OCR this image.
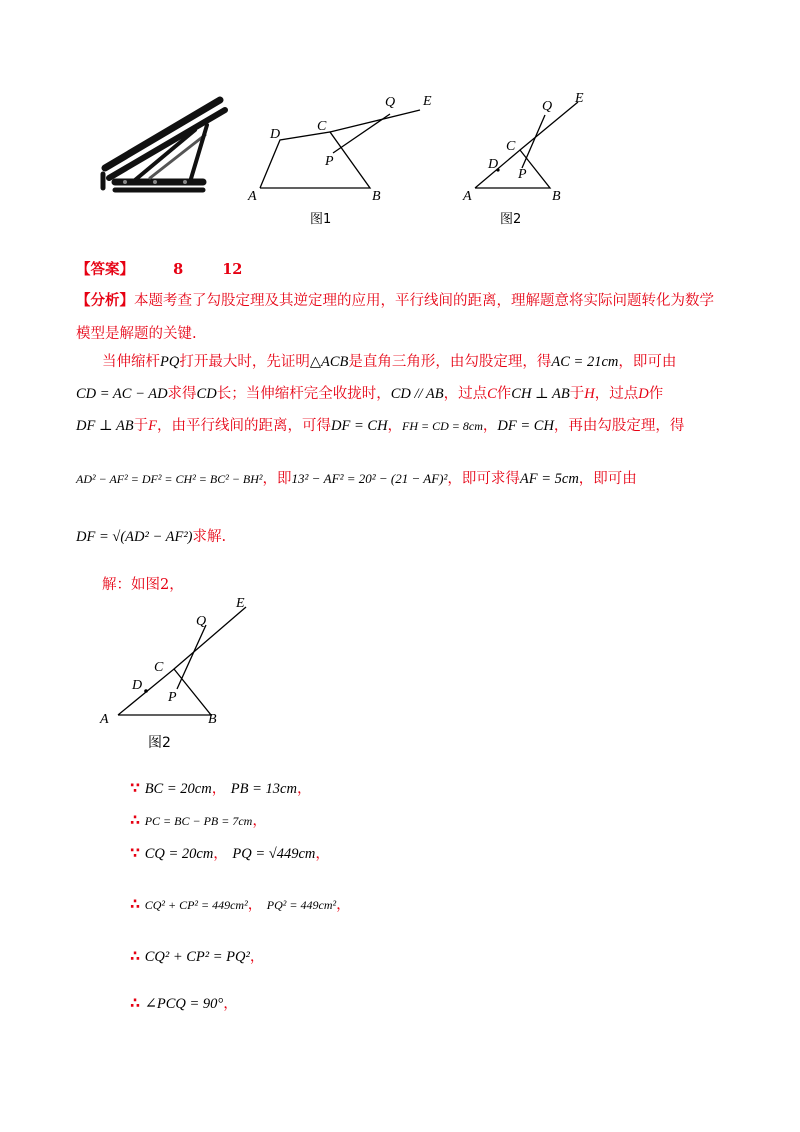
D
C
Q E
P
A	B
图1
D
C
Q
E
P
A	B
图2
【答案】	8	12
【分析】本题考查了勾股定理及其逆定理的应用，平行线间的距离，理解题意将实际问题转化为数学
模型是解题的关键.
当伸缩杆PQ打开最大时，先证明△ACB是直角三角形，由勾股定理，得AC = 21cm，即可由
CD = AC − AD求得CD长；当伸缩杆完全收拢时，CD // AB，过点C作CH ⊥ AB于H，过点D作
DF ⊥ AB于F，由平行线间的距离，可得DF = CH，FH = CD = 8cm，DF = CH，再由勾股定理，得
AD² − AF² = DF² = CH² = BC² − BH²，即13² − AF² = 20² − (21 − AF)²，即可求得AF = 5cm，即可由
DF = √(AD² − AF²)求解.
解：如图2，
Q
E
C
D
P
A	B
图2
∵ BC = 20cm， PB = 13cm，
∴ PC = BC − PB = 7cm，
∵ CQ = 20cm， PQ = √449cm，
∴ CQ² + CP² = 449cm²， PQ² = 449cm²，
∴ CQ² + CP² = PQ²，
∴ ∠PCQ = 90°，
